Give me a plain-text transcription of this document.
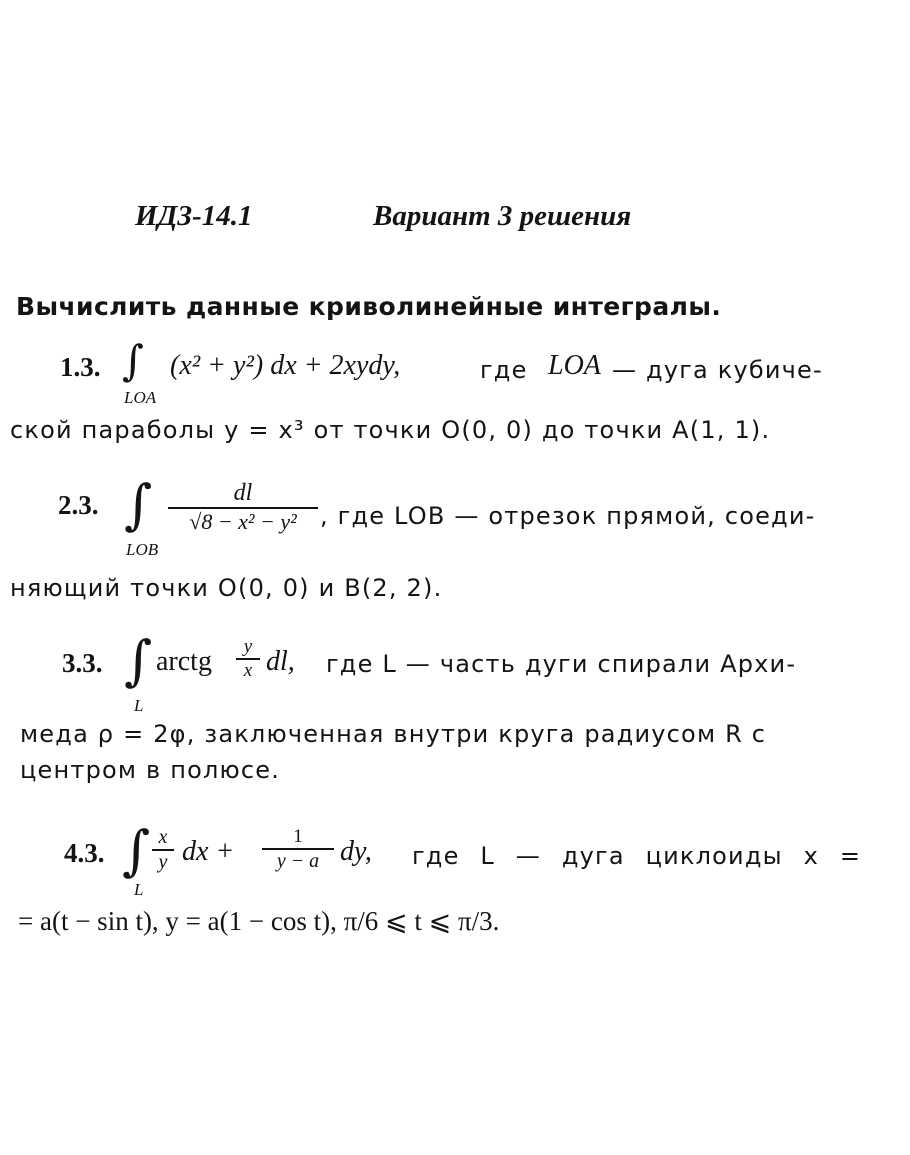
ИДЗ-14.1	Вариант 3 решения
Вычислить данные криволинейные интегралы.
1.3. ∫
LOA
(x² + y²) dx + 2xydy,	где LOA — дуга кубиче-
ской параболы y = x³ от точки O(0, 0) до точки A(1, 1).
2.3. ∫
LOB
dl
√8 − x² − y² , где LOB — отрезок прямой, соеди-
няющий точки O(0, 0) и B(2, 2).
3.3. ∫
L
arctg	y
x dl, где L — часть дуги спирали Архи-
меда ρ = 2φ, заключенная внутри круга радиусом R с
центром в полюсе.
4.3. ∫
L
x
y dx +	1
y − a dy, где L — дуга циклоиды x =
= a(t − sin t), y = a(1 − cos t), π/6 ⩽ t ⩽ π/3.
